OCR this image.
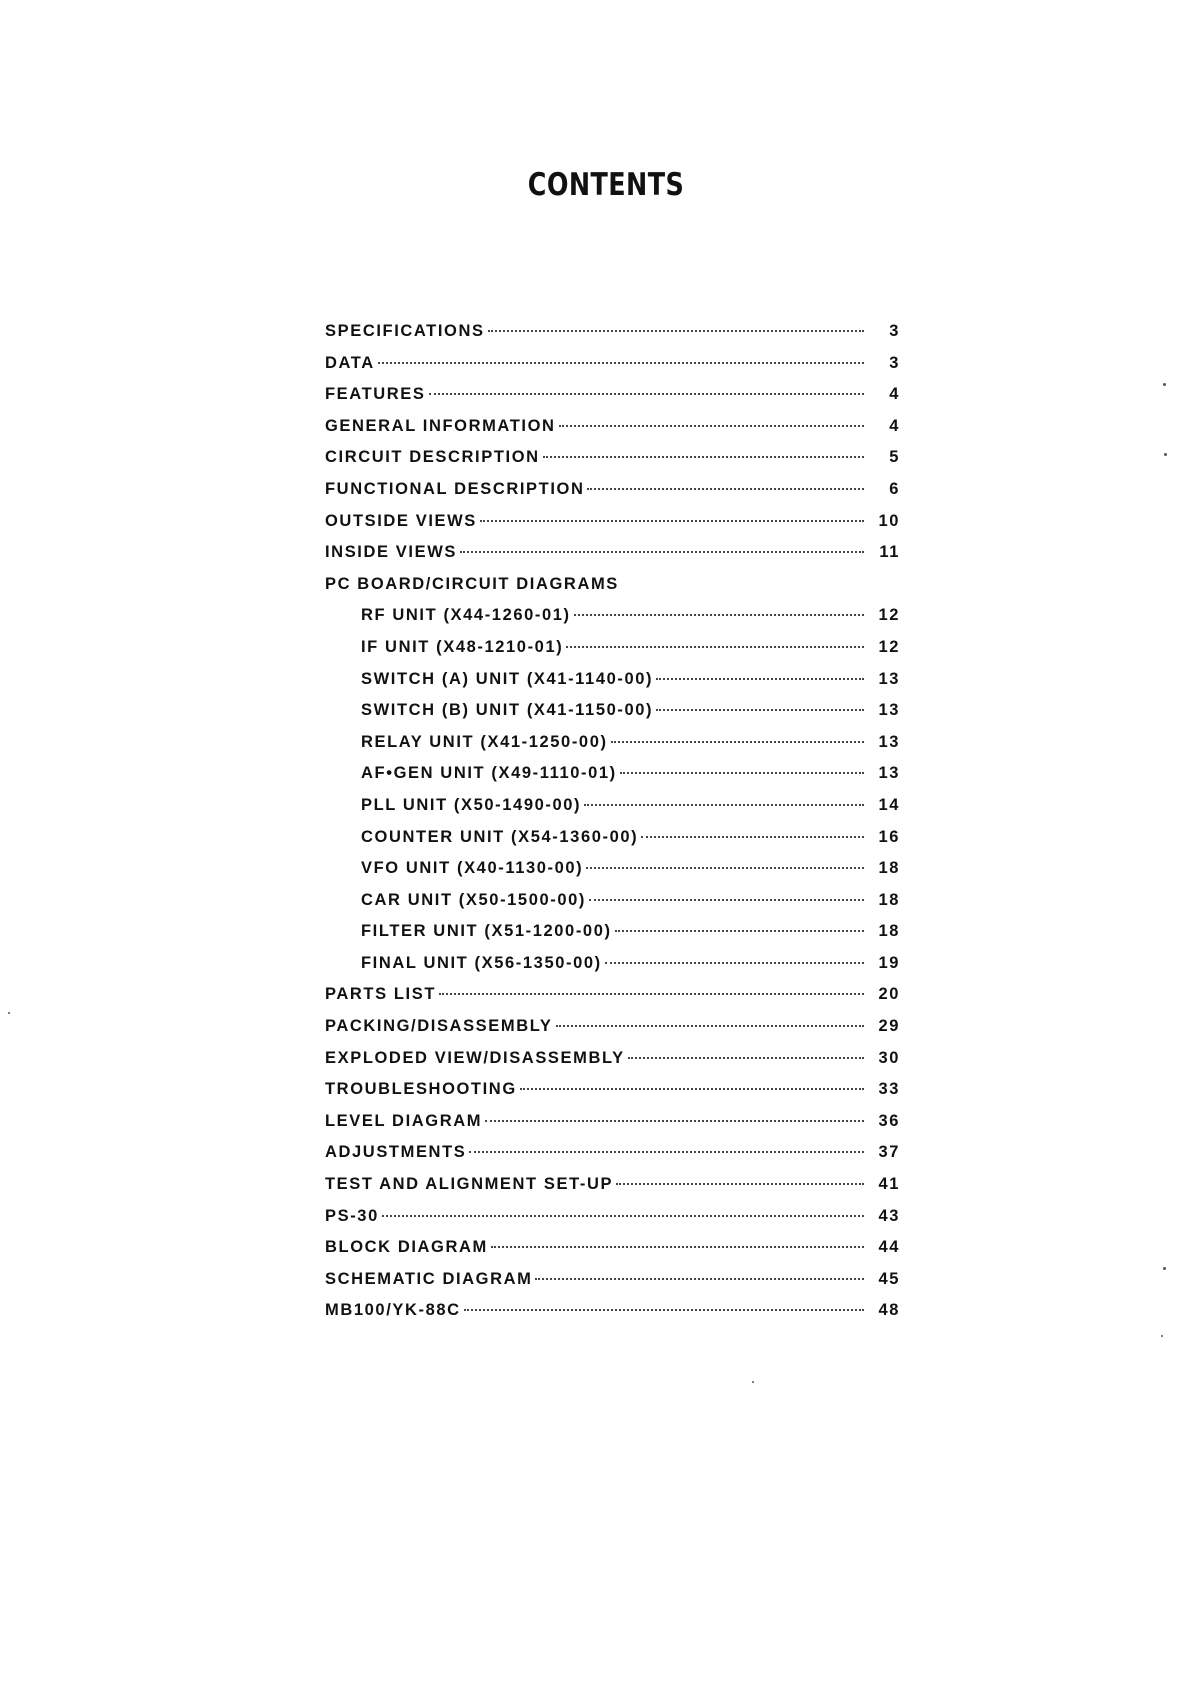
CONTENTS
SPECIFICATIONS	3
DATA	3
FEATURES	4
GENERAL INFORMATION	4
CIRCUIT DESCRIPTION	5
FUNCTIONAL DESCRIPTION	6
OUTSIDE VIEWS	10
INSIDE VIEWS	11
PC BOARD/CIRCUIT DIAGRAMS
RF UNIT (X44-1260-01)	12
IF UNIT (X48-1210-01)	12
SWITCH (A) UNIT (X41-1140-00)	13
SWITCH (B) UNIT (X41-1150-00)	13
RELAY UNIT (X41-1250-00)	13
AF•GEN UNIT (X49-1110-01)	13
PLL UNIT (X50-1490-00)	14
COUNTER UNIT (X54-1360-00)	16
VFO UNIT (X40-1130-00)	18
CAR UNIT (X50-1500-00)	18
FILTER UNIT (X51-1200-00)	18
FINAL UNIT (X56-1350-00)	19
PARTS LIST	20
PACKING/DISASSEMBLY	29
EXPLODED VIEW/DISASSEMBLY	30
TROUBLESHOOTING	33
LEVEL DIAGRAM	36
ADJUSTMENTS	37
TEST AND ALIGNMENT SET-UP	41
PS-30	43
BLOCK DIAGRAM	44
SCHEMATIC DIAGRAM	45
MB100/YK-88C	48
